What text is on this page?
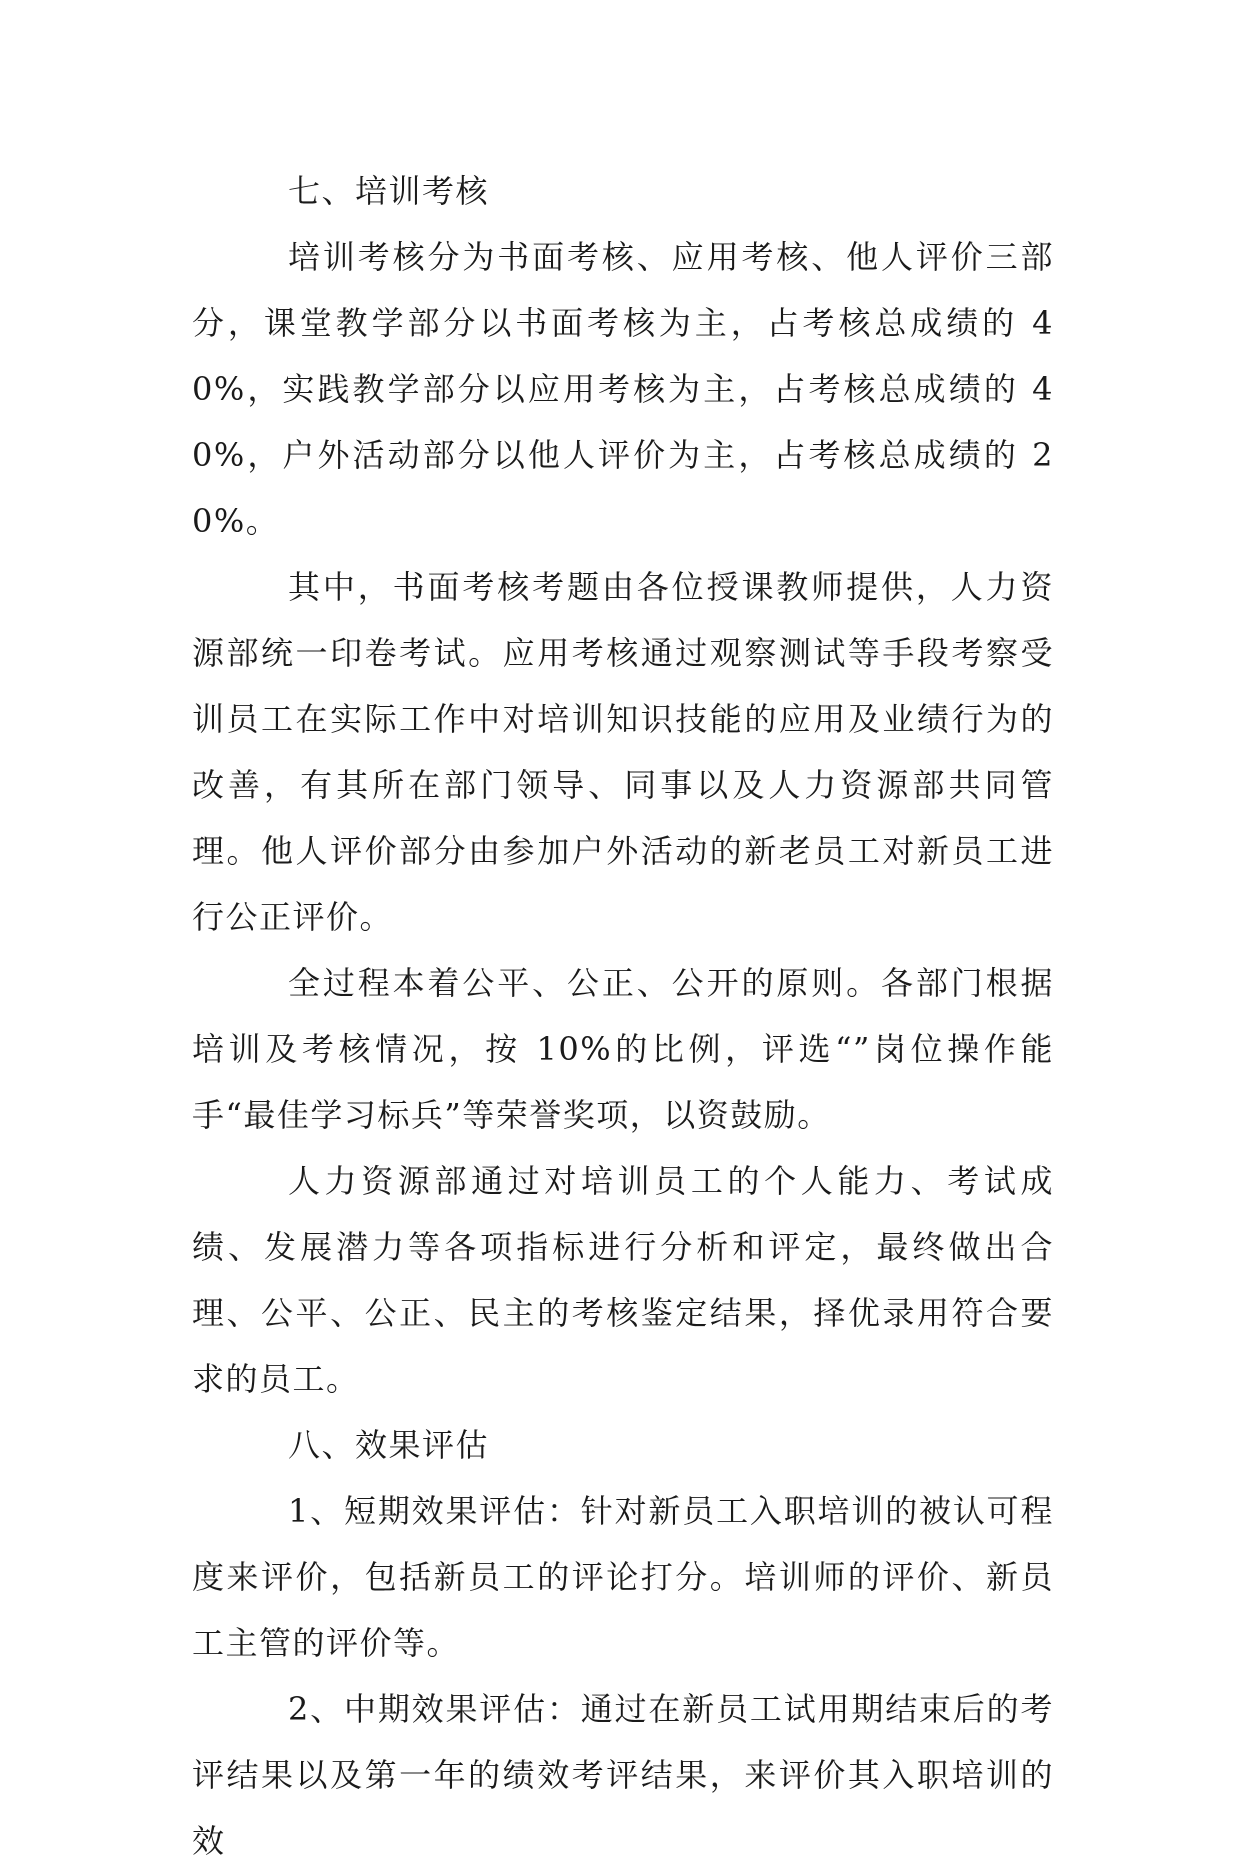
七、培训考核

培训考核分为书面考核、应用考核、他人评价三部分，课堂教学部分以书面考核为主，占考核总成绩的 40%，实践教学部分以应用考核为主，占考核总成绩的 40%，户外活动部分以他人评价为主，占考核总成绩的 20%。

其中，书面考核考题由各位授课教师提供，人力资源部统一印卷考试。应用考核通过观察测试等手段考察受训员工在实际工作中对培训知识技能的应用及业绩行为的改善，有其所在部门领导、同事以及人力资源部共同管理。他人评价部分由参加户外活动的新老员工对新员工进行公正评价。

全过程本着公平、公正、公开的原则。各部门根据培训及考核情况，按 10%的比例，评选“”岗位操作能手“最佳学习标兵”等荣誉奖项，以资鼓励。

人力资源部通过对培训员工的个人能力、考试成绩、发展潜力等各项指标进行分析和评定，最终做出合理、公平、公正、民主的考核鉴定结果，择优录用符合要求的员工。

八、效果评估

1、短期效果评估：针对新员工入职培训的被认可程度来评价，包括新员工的评论打分。培训师的评价、新员工主管的评价等。

2、中期效果评估：通过在新员工试用期结束后的考评结果以及第一年的绩效考评结果，来评价其入职培训的效
